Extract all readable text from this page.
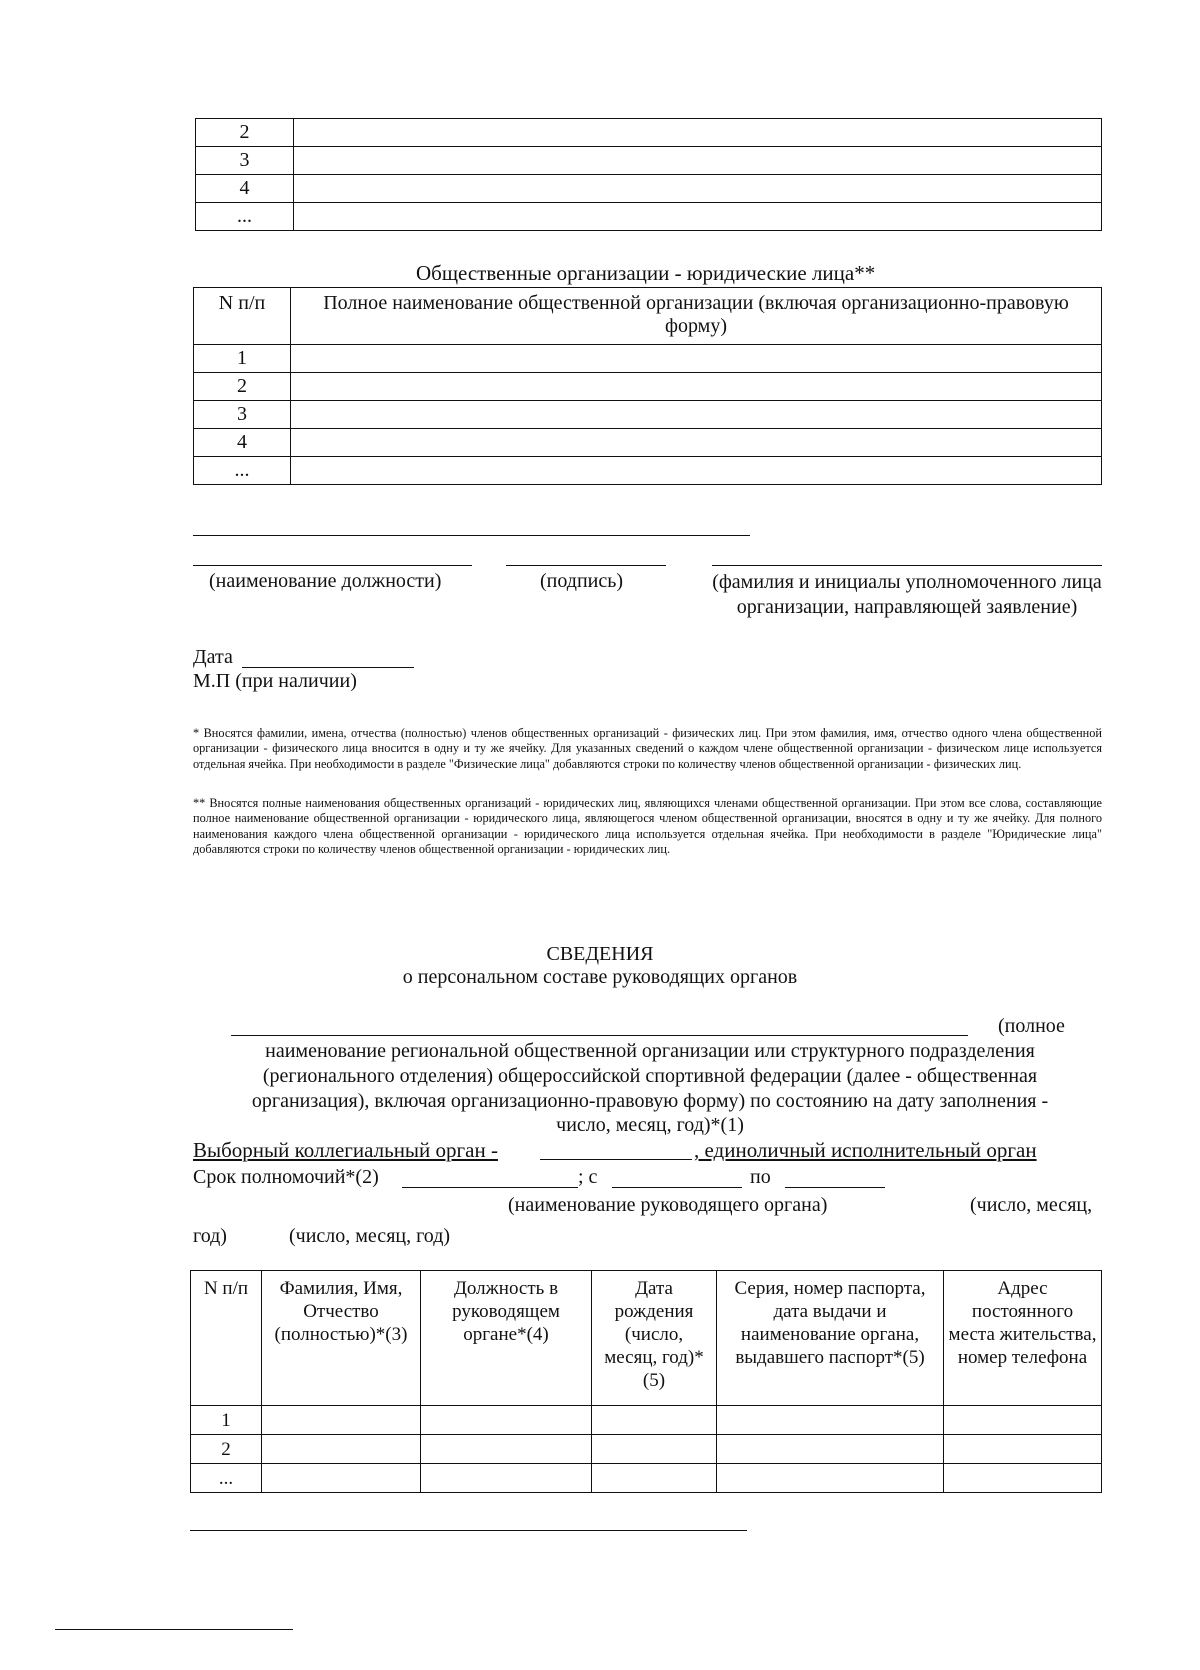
2	
3	
4	
...	
Общественные организации - юридические лица**
N п/п	Полное наименование общественной организации (включая организационно-правовую форму)
1	
2	
3	
4	
...	
(наименование должности)	(подпись)	(фамилия и инициалы уполномоченного лица организации, направляющей заявление)
Дата
М.П (при наличии)
* Вносятся фамилии, имена, отчества (полностью) членов общественных организаций - физических лиц. При этом фамилия, имя, отчество одного члена общественной организации - физического лица вносится в одну и ту же ячейку. Для указанных сведений о каждом члене общественной организации - физическом лице используется отдельная ячейка. При необходимости в разделе "Физические лица" добавляются строки по количеству членов общественной организации - физических лиц.
** Вносятся полные наименования общественных организаций - юридических лиц, являющихся членами общественной организации. При этом все слова, составляющие полное наименование общественной организации - юридического лица, являющегося членом общественной организации, вносятся в одну и ту же ячейку. Для полного наименования каждого члена общественной организации - юридического лица используется отдельная ячейка. При необходимости в разделе "Юридические лица" добавляются строки по количеству членов общественной организации - юридических лиц.
СВЕДЕНИЯ
о персональном составе руководящих органов
(полное
наименование региональной общественной организации или структурного подразделения
(регионального отделения) общероссийской спортивной федерации (далее - общественная
организация), включая организационно-правовую форму) по состоянию на дату заполнения -
число, месяц, год)*(1)
Выборный коллегиальный орган -	, единоличный исполнительный орган
Срок полномочий*(2)	; с	по
(наименование руководящего органа)	(число, месяц,
год)	(число, месяц, год)
N п/п	Фамилия, Имя, Отчество (полностью)*(3)	Должность в руководящем органе*(4)	Дата рождения (число, месяц, год)*(5)	Серия, номер паспорта, дата выдачи и наименование органа, выдавшего паспорт*(5)	Адрес постоянного места жительства, номер телефона
1					
2					
...					
